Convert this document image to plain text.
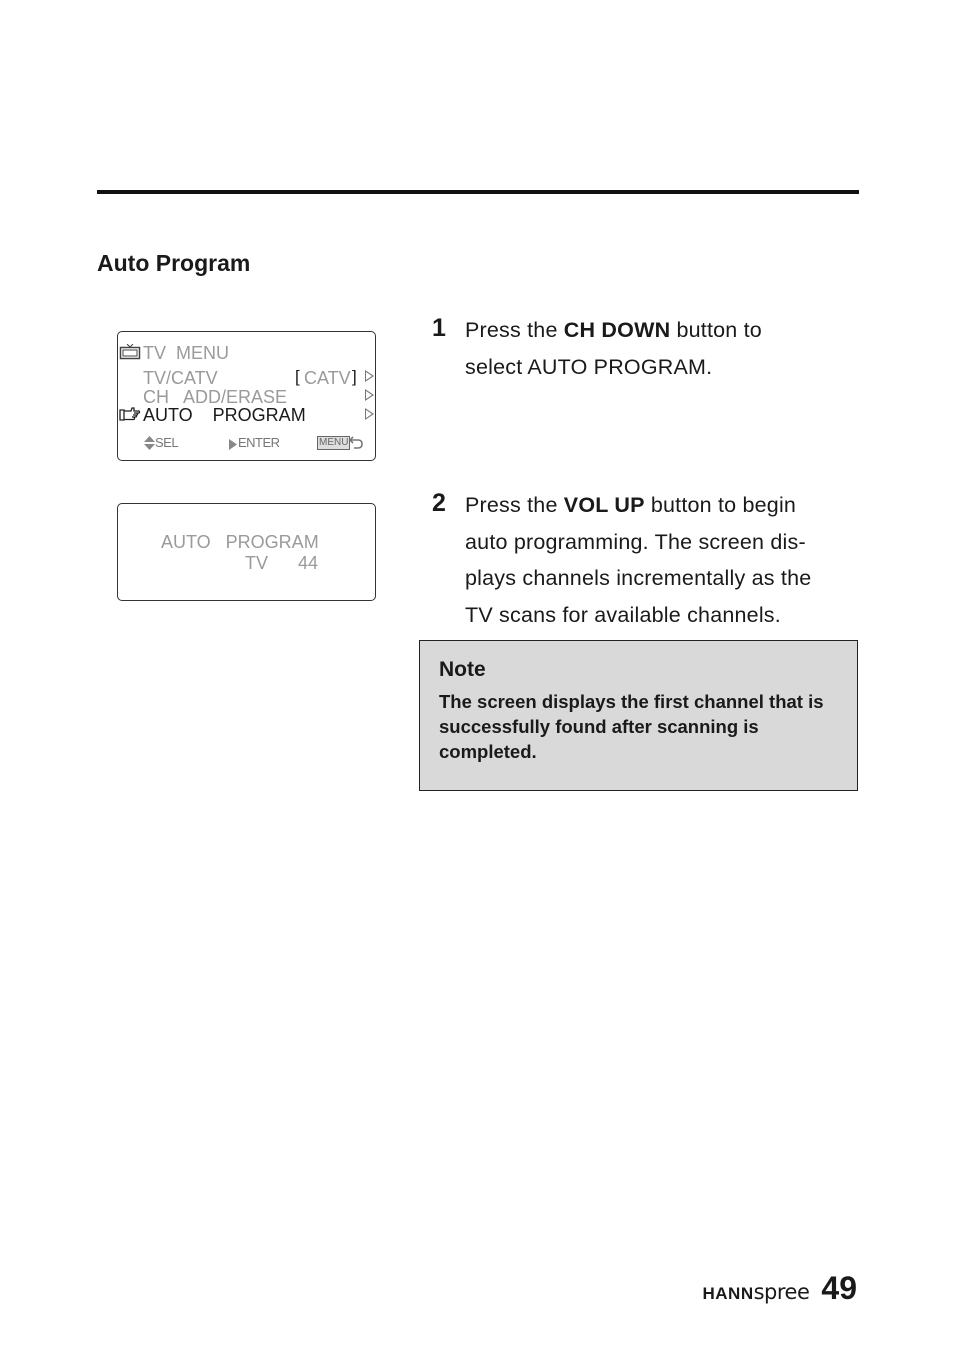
Auto Program
TV  MENU
TV/CATV	[ CATV ]
CH   ADD/ERASE
AUTO    PROGRAM
SEL	ENTER	MENU
AUTO   PROGRAM
TV 44
1 Press the CH DOWN button to
select AUTO PROGRAM.
2 Press the VOL UP button to begin
auto programming. The screen dis-
plays channels incrementally as the
TV scans for available channels.
Note
The screen displays the first channel that is successfully found after scanning is completed.
HANN spree 49
